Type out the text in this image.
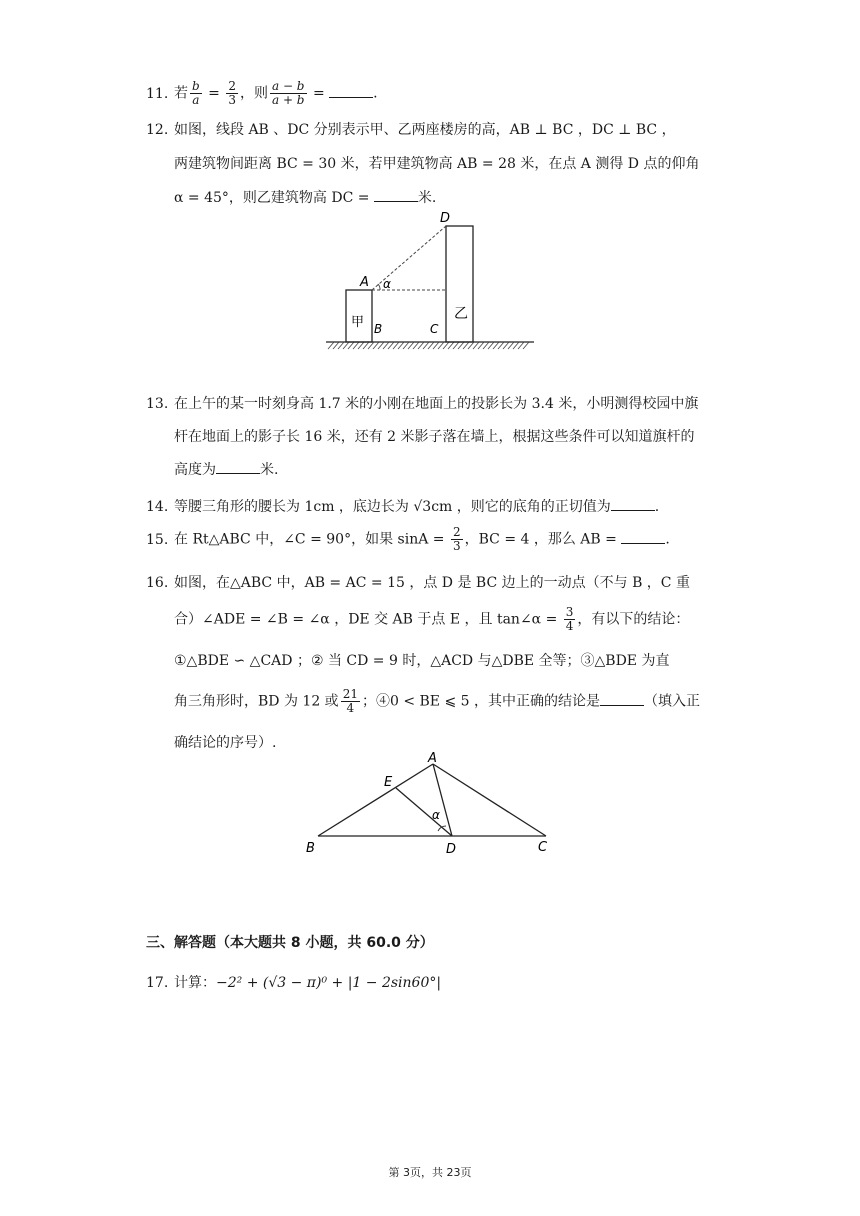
11. 若 $\frac{b}{a} = \frac{2}{3}$ ，则 $\frac{a - b}{a + b}$ =	.
12. 如图，线段 AB 、DC 分别表示甲、乙两座楼房的高，AB ⊥ BC ，DC ⊥ BC ，
两建筑物间距离 BC = 30 米，若甲建筑物高 AB = 28 米，在点 A 测得 D 点的仰角
α = 45°，则乙建筑物高 DC =	米.
D
A α
甲 B	C
乙
13. 在上午的某一时刻身高 1.7 米的小刚在地面上的投影长为 3.4 米，小明测得校园中旗
杆在地面上的影子长 16 米，还有 2 米影子落在墙上，根据这些条件可以知道旗杆的
高度为	米.
14. 等腰三角形的腰长为 1cm ，底边长为 √3cm ，则它的底角的正切值为	.
15. 在 Rt△ABC 中，∠C = 90°，如果 $\sin A = \frac{2}{3}$ ，BC = 4 ，那么 AB =	.
16. 如图，在△ABC 中，AB = AC = 15 ，点 D 是 BC 边上的一动点（不与 B ，C 重
合）∠ADE = ∠B = ∠α ，DE 交 AB 于点 E ，且 tan∠α = $\frac{3}{4}$ ，有以下的结论：
①△BDE ∽ △CAD ；② 当 CD = 9 时，△ACD 与△DBE 全等；③△BDE 为直
角三角形时，BD 为 12 或 $\frac{21}{4}$ ；④0 < BE ⩽ 5 ，其中正确的结论是	（填入正
确结论的序号）.
A
E
α
B	D	C
三、解答题（本大题共 8 小题，共 60.0 分）
17. 计算：−2² + (√3 − π)⁰ + |1 − 2sin60°|
第 3页，共 23页
